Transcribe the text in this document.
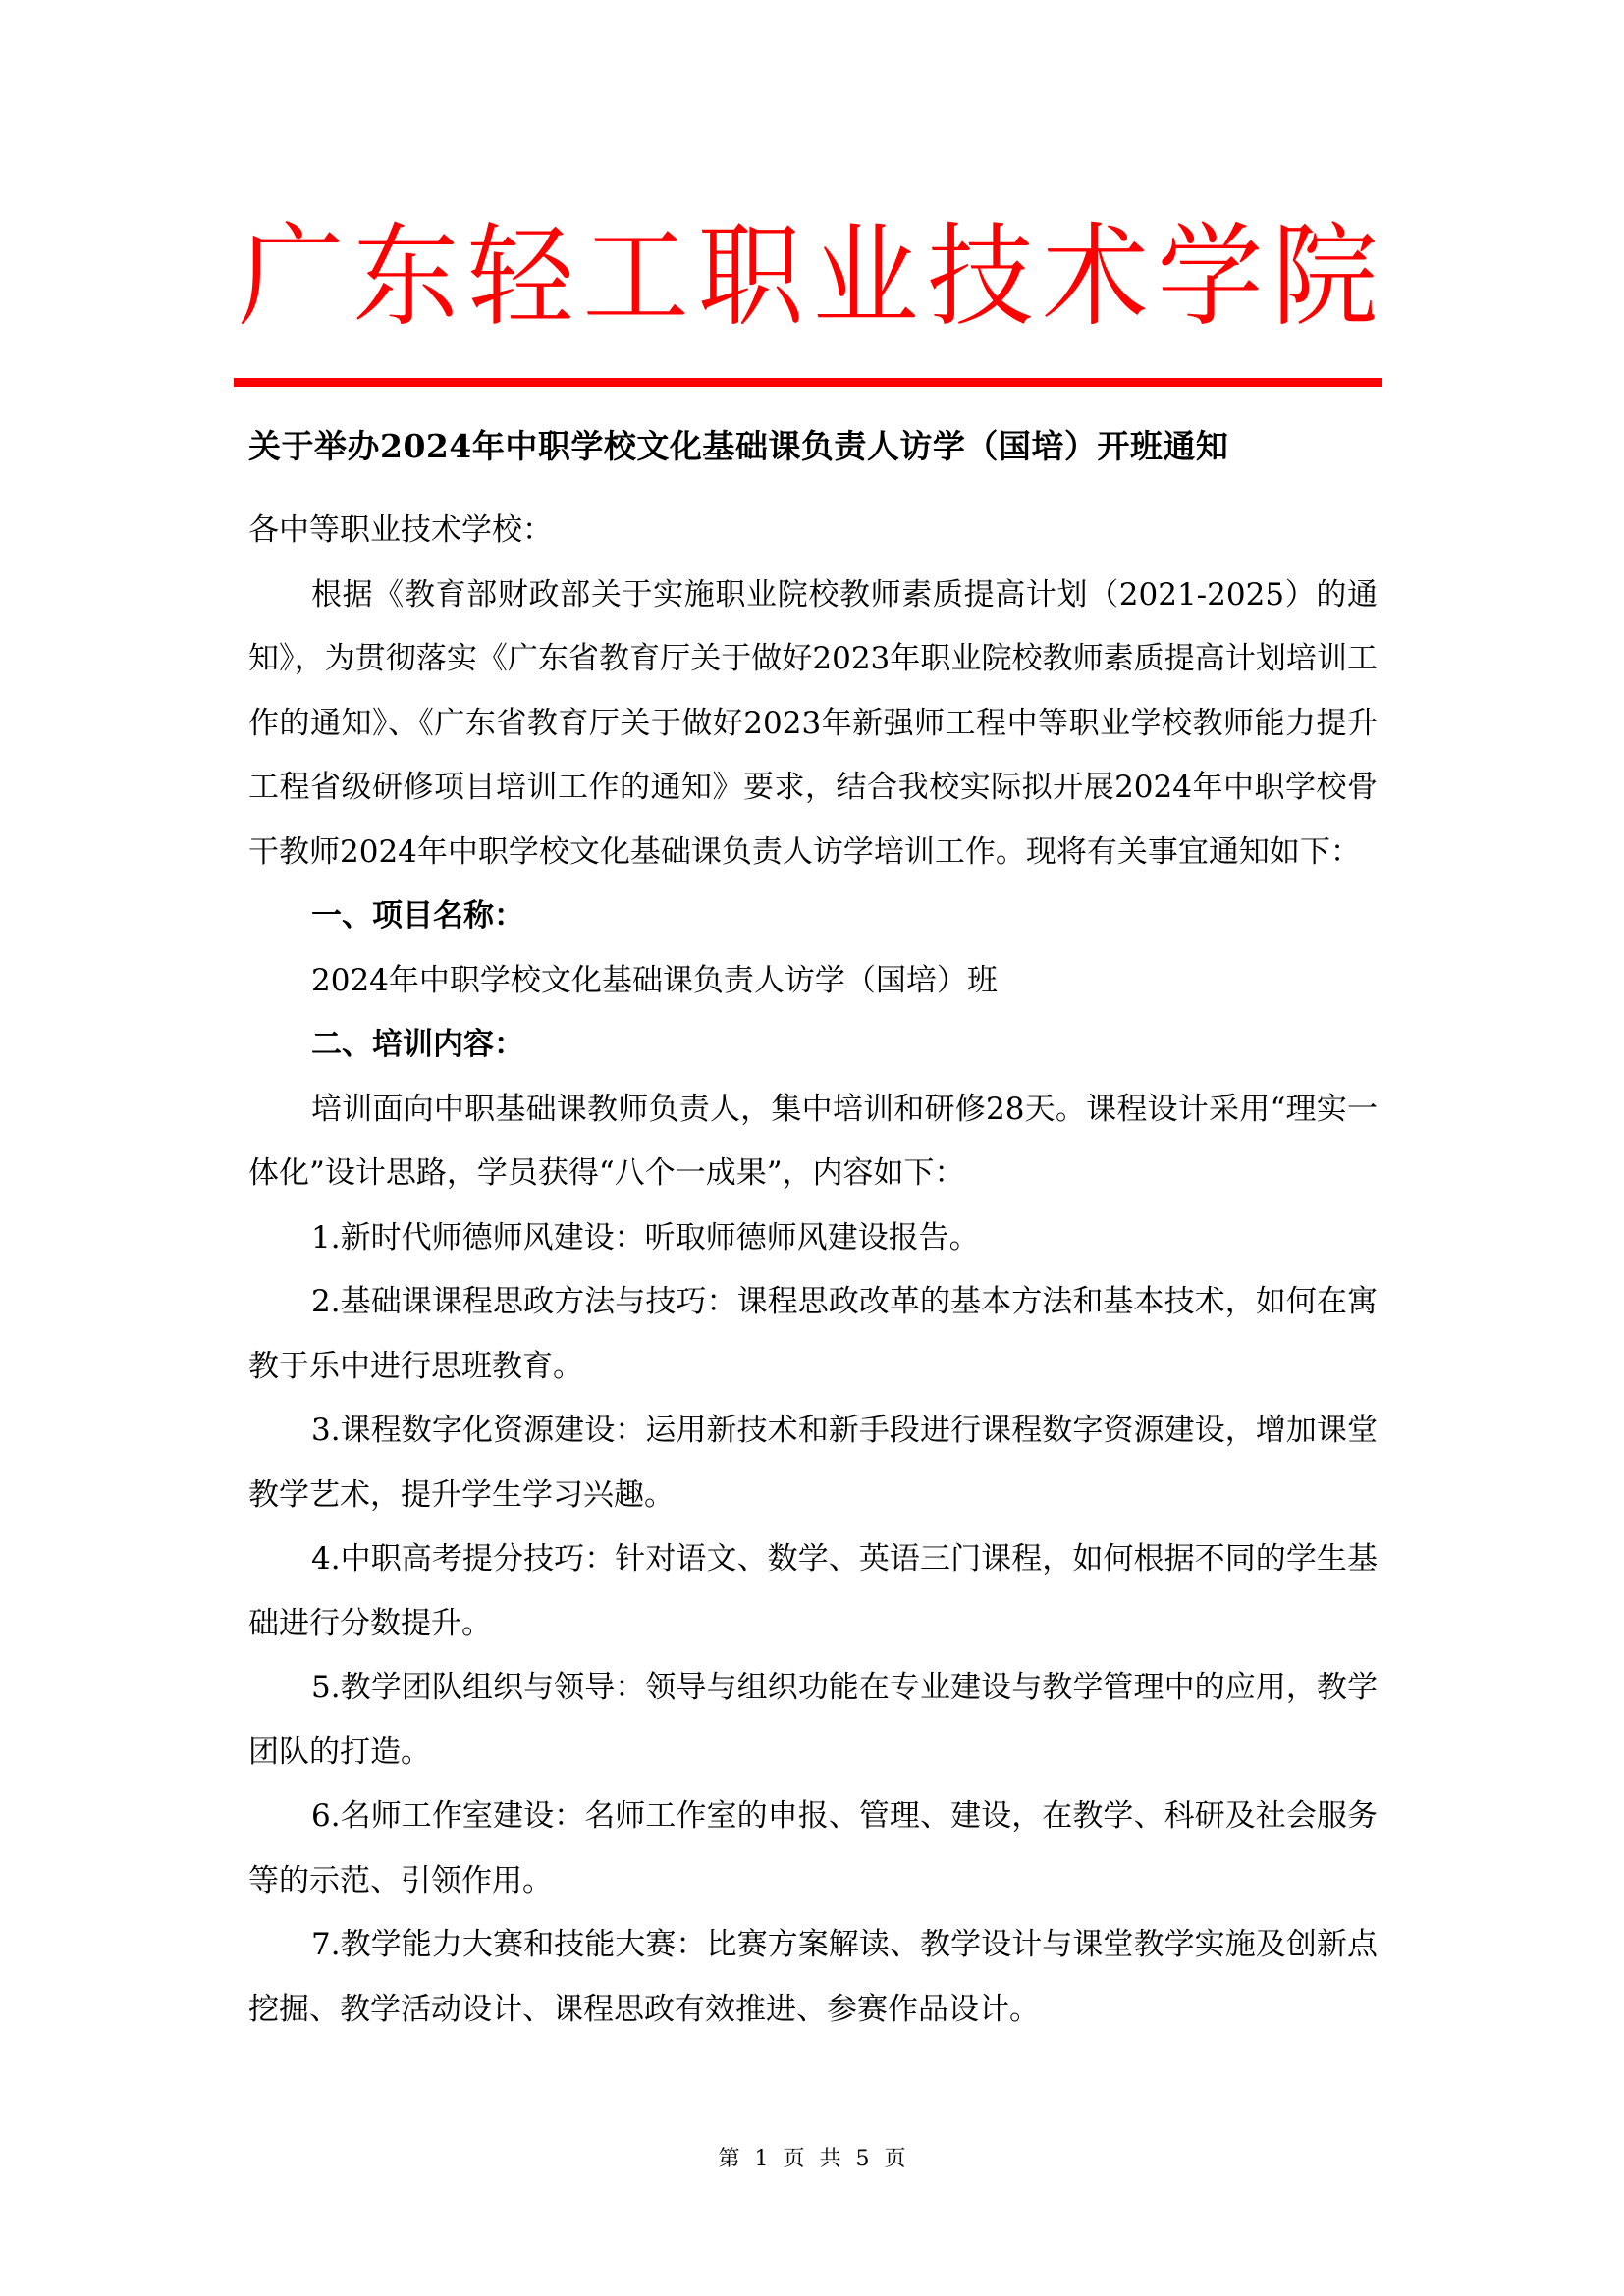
广 东 轻 工 职 业 技 术 学 院
关于举办2024年中职学校文化基础课负责人访学（国培）开班通知

各中等职业技术学校：

根据《教育部财政部关于实施职业院校教师素质提高计划（2021-2025）的通知》，为贯彻落实《广东省教育厅关于做好2023年职业院校教师素质提高计划培训工作的通知》、《广东省教育厅关于做好2023年新强师工程中等职业学校教师能力提升工程省级研修项目培训工作的通知》要求，结合我校实际拟开展2024年中职学校骨干教师2024年中职学校文化基础课负责人访学培训工作。现将有关事宜通知如下：

一、项目名称：

2024年中职学校文化基础课负责人访学（国培）班

二、培训内容：

培训面向中职基础课教师负责人，集中培训和研修28天。课程设计采用“理实一体化”设计思路，学员获得“八个一成果”，内容如下：

1.新时代师德师风建设：听取师德师风建设报告。

2.基础课课程思政方法与技巧：课程思政改革的基本方法和基本技术，如何在寓教于乐中进行思班教育。

3.课程数字化资源建设：运用新技术和新手段进行课程数字资源建设，增加课堂教学艺术，提升学生学习兴趣。

4.中职高考提分技巧：针对语文、数学、英语三门课程，如何根据不同的学生基础进行分数提升。

5.教学团队组织与领导：领导与组织功能在专业建设与教学管理中的应用，教学团队的打造。

6.名师工作室建设：名师工作室的申报、管理、建设，在教学、科研及社会服务等的示范、引领作用。

7.教学能力大赛和技能大赛：比赛方案解读、教学设计与课堂教学实施及创新点挖掘、教学活动设计、课程思政有效推进、参赛作品设计。

第 1 页 共 5 页
